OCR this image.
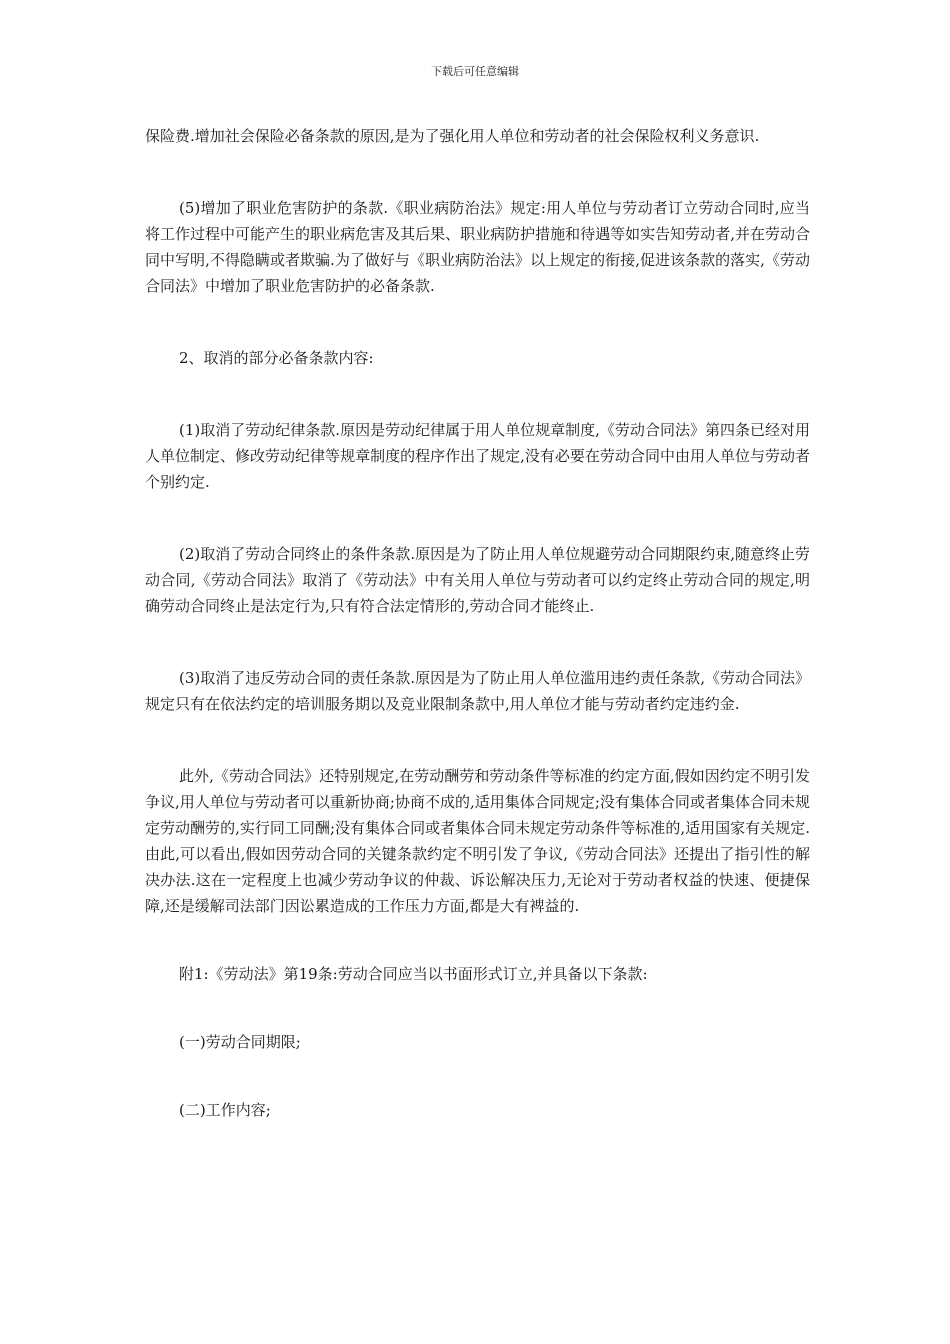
下载后可任意编辑

保险费.增加社会保险必备条款的原因,是为了强化用人单位和劳动者的社会保险权利义务意识.

(5)增加了职业危害防护的条款.《职业病防治法》规定:用人单位与劳动者订立劳动合同时,应当将工作过程中可能产生的职业病危害及其后果、职业病防护措施和待遇等如实告知劳动者,并在劳动合同中写明,不得隐瞒或者欺骗.为了做好与《职业病防治法》以上规定的衔接,促进该条款的落实,《劳动合同法》中增加了职业危害防护的必备条款.

2、取消的部分必备条款内容:

(1)取消了劳动纪律条款.原因是劳动纪律属于用人单位规章制度,《劳动合同法》第四条已经对用人单位制定、修改劳动纪律等规章制度的程序作出了规定,没有必要在劳动合同中由用人单位与劳动者个别约定.

(2)取消了劳动合同终止的条件条款.原因是为了防止用人单位规避劳动合同期限约束,随意终止劳动合同,《劳动合同法》取消了《劳动法》中有关用人单位与劳动者可以约定终止劳动合同的规定,明确劳动合同终止是法定行为,只有符合法定情形的,劳动合同才能终止.

(3)取消了违反劳动合同的责任条款.原因是为了防止用人单位滥用违约责任条款,《劳动合同法》规定只有在依法约定的培训服务期以及竞业限制条款中,用人单位才能与劳动者约定违约金.

此外,《劳动合同法》还特别规定,在劳动酬劳和劳动条件等标准的约定方面,假如因约定不明引发争议,用人单位与劳动者可以重新协商;协商不成的,适用集体合同规定;没有集体合同或者集体合同未规定劳动酬劳的,实行同工同酬;没有集体合同或者集体合同未规定劳动条件等标准的,适用国家有关规定.由此,可以看出,假如因劳动合同的关键条款约定不明引发了争议,《劳动合同法》还提出了指引性的解决办法.这在一定程度上也减少劳动争议的仲裁、诉讼解决压力,无论对于劳动者权益的快速、便捷保障,还是缓解司法部门因讼累造成的工作压力方面,都是大有裨益的.

附1:《劳动法》第19条:劳动合同应当以书面形式订立,并具备以下条款:

(一)劳动合同期限;

(二)工作内容;
